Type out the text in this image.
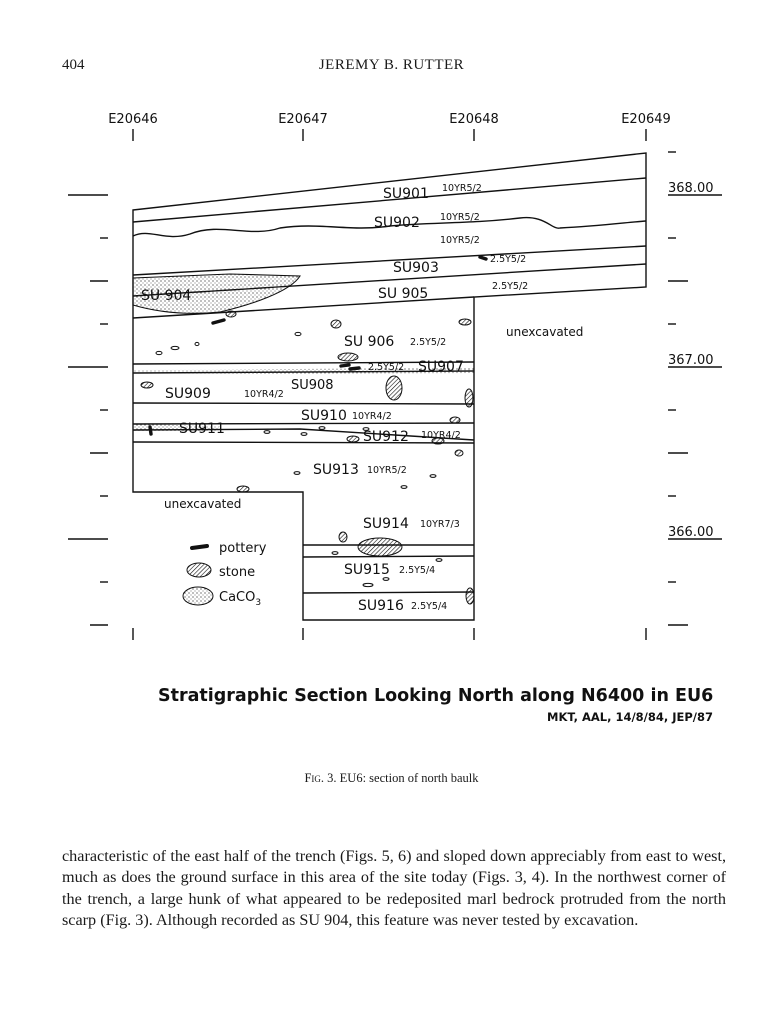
404	JEREMY B. RUTTER
E20646	E20647	E20648	E20649
368.00
367.00
366.00
SU901 10YR5/2
SU902 10YR5/2
10YR5/2
SU903
2.5Y5/2
SU 904	SU 905	2.5Y5/2
unexcavated
SU 906 2.5Y5/2
2.5Y5/2 SU907
SU908
SU909	10YR4/2
SU910 10YR4/2
SU911	SU912 10YR4/2
SU913 10YR5/2
unexcavated
SU914 10YR7/3
SU915 2.5Y5/4
SU916 2.5Y5/4
pottery
stone
CaCO$_3$
Stratigraphic Section Looking North along N6400 in EU6
MKT, AAL, 14/8/84, JEP/87
Fig. 3. EU6: section of north baulk
characteristic of the east half of the trench (Figs. 5, 6) and sloped down appreciably from east to west, much as does the ground surface in this area of the site today (Figs. 3, 4). In the northwest corner of the trench, a large hunk of what appeared to be redeposited marl bedrock protruded from the north scarp (Fig. 3). Although recorded as SU 904, this feature was never tested by excavation.
